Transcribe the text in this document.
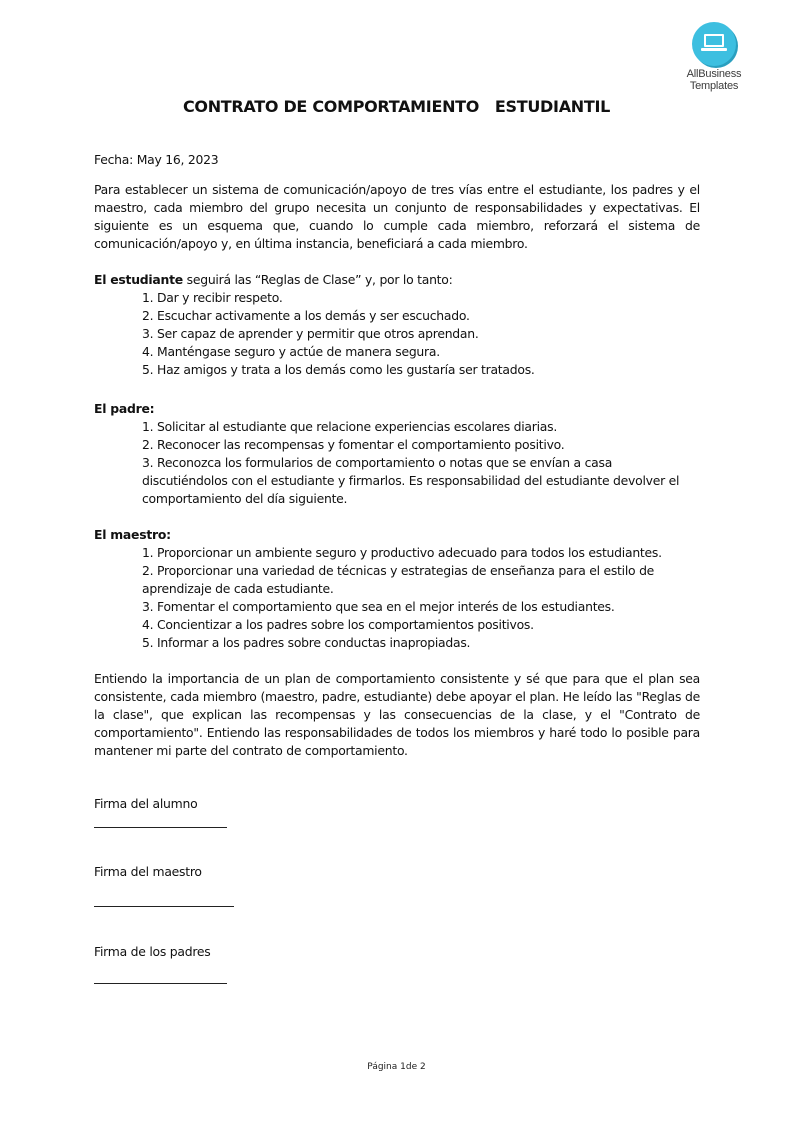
AllBusiness
Templates
CONTRATO DE COMPORTAMIENTO   ESTUDIANTIL

Fecha: May 16, 2023

Para establecer un sistema de comunicación/apoyo de tres vías entre el estudiante, los padres y el maestro, cada miembro del grupo necesita un conjunto de responsabilidades y expectativas. El siguiente es un esquema que, cuando lo cumple cada miembro, reforzará el sistema de comunicación/apoyo y, en última instancia, beneficiará a cada miembro.

El estudiante seguirá las “Reglas de Clase” y, por lo tanto:

1. Dar y recibir respeto.
2. Escuchar activamente a los demás y ser escuchado.
3. Ser capaz de aprender y permitir que otros aprendan.
4. Manténgase seguro y actúe de manera segura.
5. Haz amigos y trata a los demás como les gustaría ser tratados.

El padre:

1. Solicitar al estudiante que relacione experiencias escolares diarias.
2. Reconocer las recompensas y fomentar el comportamiento positivo.
3. Reconozca los formularios de comportamiento o notas que se envían a casa discutiéndolos con el estudiante y firmarlos. Es responsabilidad del estudiante devolver el comportamiento del día siguiente.

El maestro:

1. Proporcionar un ambiente seguro y productivo adecuado para todos los estudiantes.
2. Proporcionar una variedad de técnicas y estrategias de enseñanza para el estilo de aprendizaje de cada estudiante.
3. Fomentar el comportamiento que sea en el mejor interés de los estudiantes.
4. Concientizar a los padres sobre los comportamientos positivos.
5. Informar a los padres sobre conductas inapropiadas.

Entiendo la importancia de un plan de comportamiento consistente y sé que para que el plan sea consistente, cada miembro (maestro, padre, estudiante) debe apoyar el plan. He leído las "Reglas de la clase", que explican las recompensas y las consecuencias de la clase, y el "Contrato de comportamiento". Entiendo las responsabilidades de todos los miembros y haré todo lo posible para mantener mi parte del contrato de comportamiento.

Firma del alumno

Firma del maestro

Firma de los padres

Página 1de 2
